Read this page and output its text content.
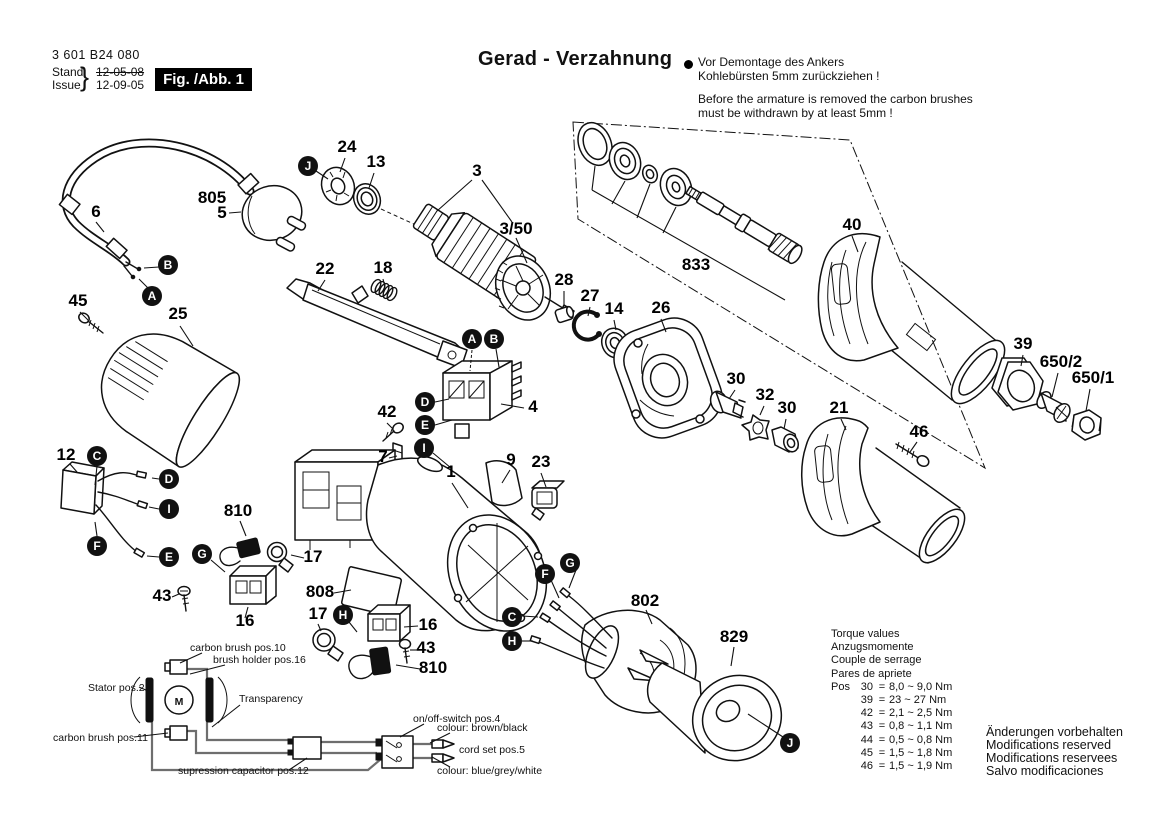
805
5
6
45
25
24
13	3
3/50
22 18
28
27
14 26
833
40
39
650/2
650/1
21
46
30
32
30
4
42
7
1
9 23
12
810
17
43
16
808
17
16
43
810
802
829
B
A
J
A B
D
E
I
C
D
I
F
E G
F
G
C
H
H
J
carbon brush pos.10
brush holder pos.16
Stator pos.2
Transparency
carbon brush pos.11
supression capacitor pos.12
on/off-switch pos.4
colour: brown/black
cord set pos.5
colour: blue/grey/white
M
3 601 B24 080
Stand
Issue } 12-05-08
12-09-05	Fig. /Abb. 1
Gerad - Verzahnung Vor Demontage des Ankers
Kohlebürsten 5mm zurückziehen !
Before the armature is removed the carbon brushes
must be withdrawn by at least 5mm !
Torque values
Anzugsmomente
Couple de serrage
Pares de apriete
Pos 30 = 8,0 ~ 9,0 Nm
39 = 23 ~ 27 Nm
42 = 2,1 ~ 2,5 Nm
43 = 0,8 ~ 1,1 Nm
44 = 0,5 ~ 0,8 Nm
45 = 1,5 ~ 1,8 Nm
46 = 1,5 ~ 1,9 Nm
Änderungen vorbehalten
Modifications reserved
Modifications reservees
Salvo modificaciones
